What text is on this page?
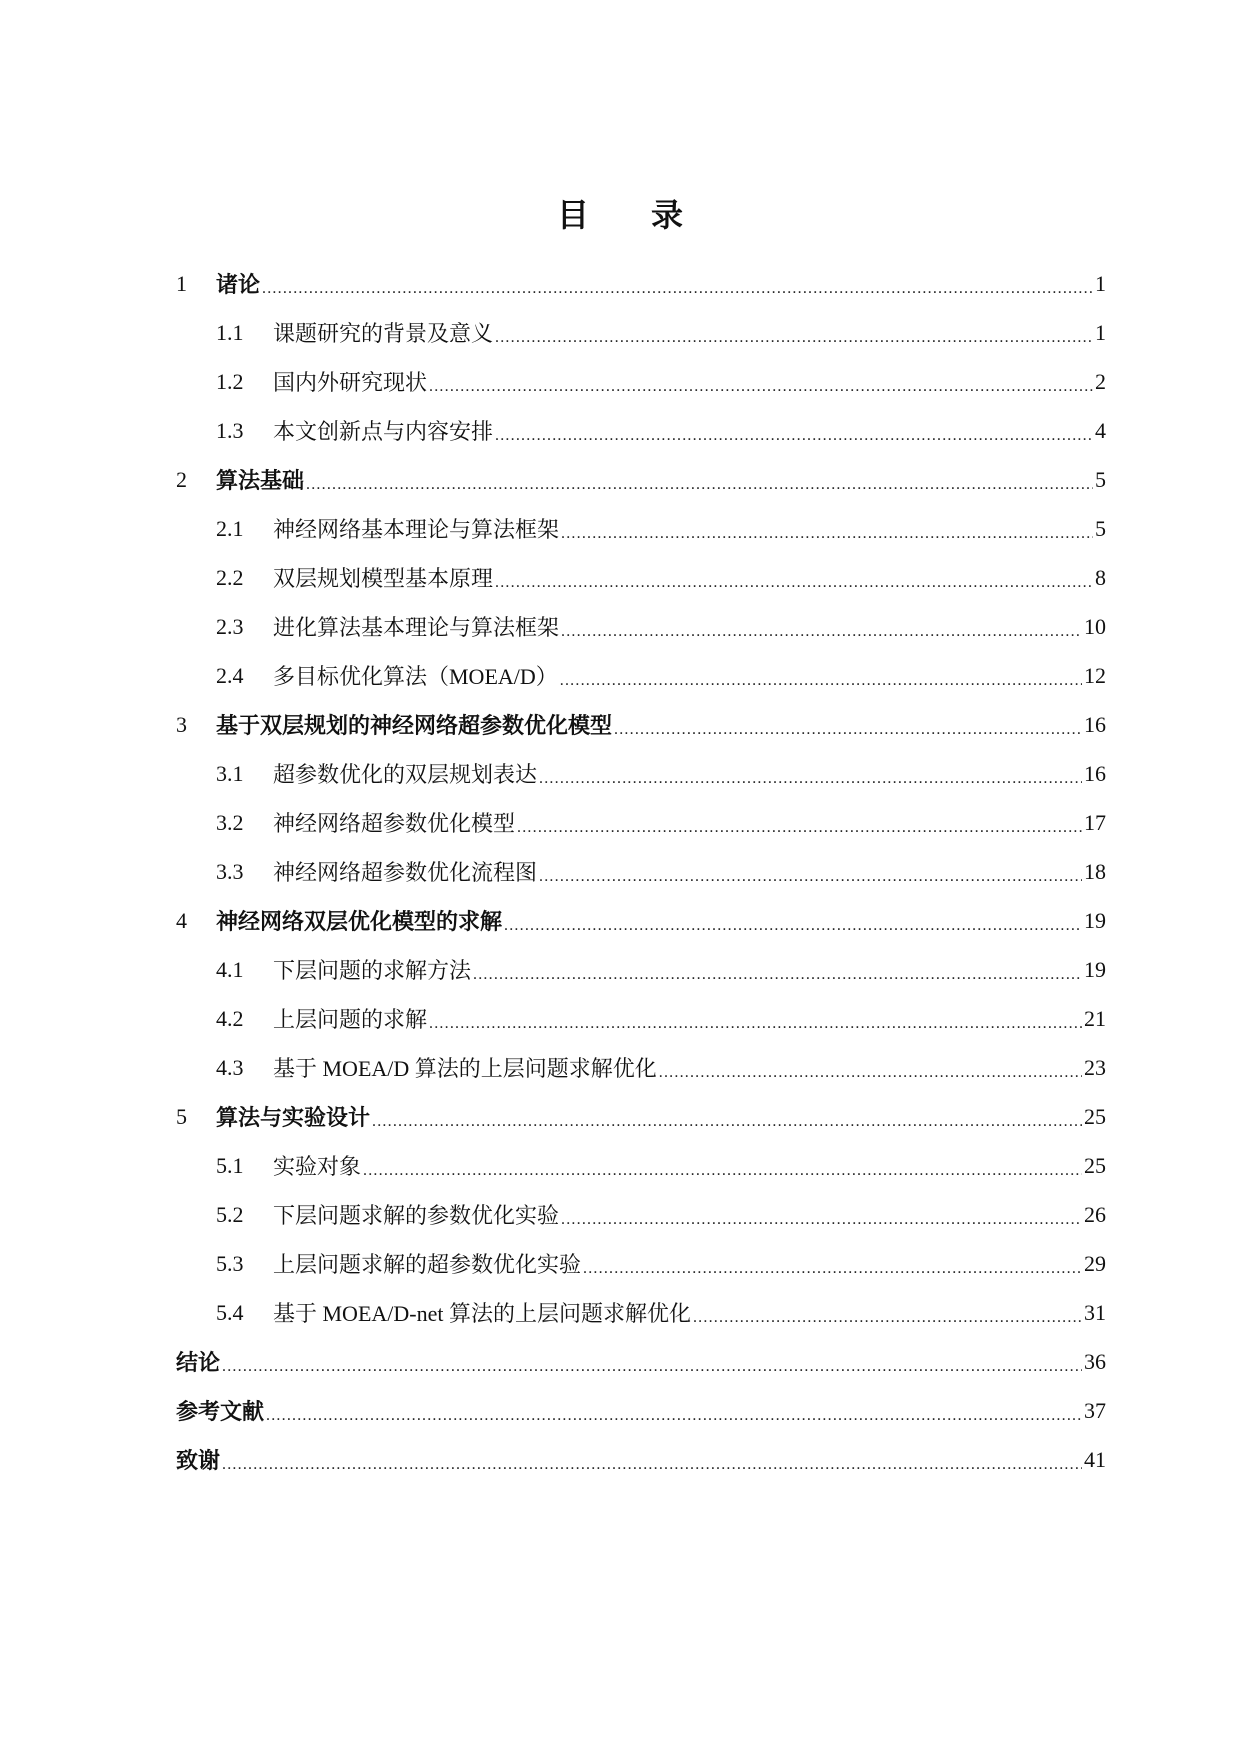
目 录
1	诸论 .....	1
1.1	课题研究的背景及意义 .....	1
1.2	国内外研究现状 .....	2
1.3	本文创新点与内容安排 .....	4
2	算法基础 .....	5
2.1	神经网络基本理论与算法框架 .....	5
2.2	双层规划模型基本原理 .....	8
2.3	进化算法基本理论与算法框架 .....	10
2.4	多目标优化算法（MOEA/D） .....	12
3	基于双层规划的神经网络超参数优化模型 .....	16
3.1	超参数优化的双层规划表达 .....	16
3.2	神经网络超参数优化模型 .....	17
3.3	神经网络超参数优化流程图 .....	18
4	神经网络双层优化模型的求解 .....	19
4.1	下层问题的求解方法 .....	19
4.2	上层问题的求解 .....	21
4.3	基于 MOEA/D 算法的上层问题求解优化 .....	23
5	算法与实验设计 .....	25
5.1	实验对象 .....	25
5.2	下层问题求解的参数优化实验 .....	26
5.3	上层问题求解的超参数优化实验 .....	29
5.4	基于 MOEA/D-net 算法的上层问题求解优化 .....	31
结论 .....	36
参考文献 .....	37
致谢 .....	41
